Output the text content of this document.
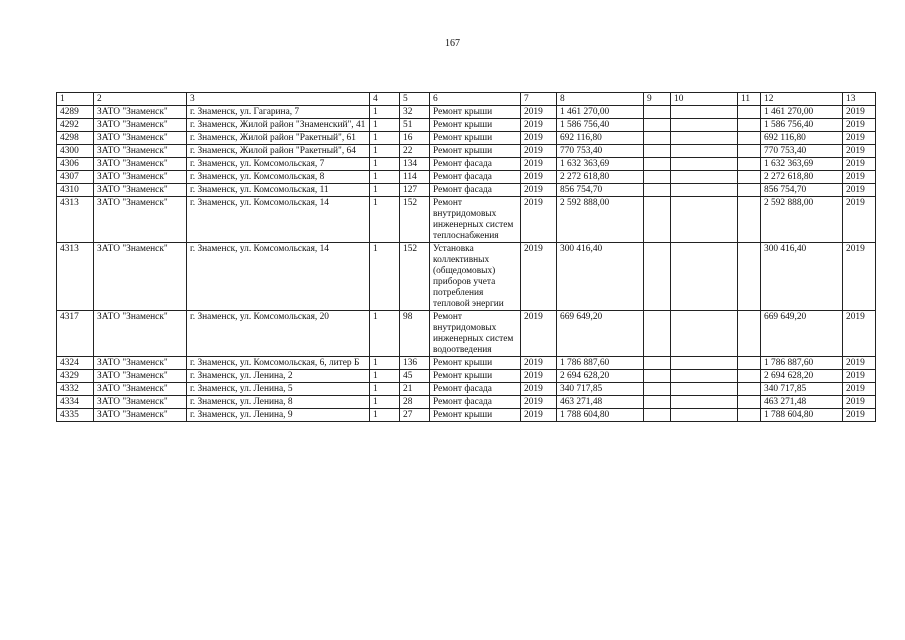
167
1	2	3	4	5	6	7	8	9	10	11	12	13
4289	ЗАТО "Знаменск"	г. Знаменск, ул. Гагарина, 7	1	32	Ремонт крыши	2019	1 461 270,00				1 461 270,00	2019
4292	ЗАТО "Знаменск"	г. Знаменск, Жилой район "Знаменский", 41	1	51	Ремонт крыши	2019	1 586 756,40				1 586 756,40	2019
4298	ЗАТО "Знаменск"	г. Знаменск, Жилой район "Ракетный", 61	1	16	Ремонт крыши	2019	692 116,80				692 116,80	2019
4300	ЗАТО "Знаменск"	г. Знаменск, Жилой район "Ракетный", 64	1	22	Ремонт крыши	2019	770 753,40				770 753,40	2019
4306	ЗАТО "Знаменск"	г. Знаменск, ул. Комсомольская, 7	1	134	Ремонт фасада	2019	1 632 363,69				1 632 363,69	2019
4307	ЗАТО "Знаменск"	г. Знаменск, ул. Комсомольская, 8	1	114	Ремонт фасада	2019	2 272 618,80				2 272 618,80	2019
4310	ЗАТО "Знаменск"	г. Знаменск, ул. Комсомольская, 11	1	127	Ремонт фасада	2019	856 754,70				856 754,70	2019
4313	ЗАТО "Знаменск"	г. Знаменск, ул. Комсомольская, 14	1	152	Ремонт внутридомовых инженерных систем теплоснабжения	2019	2 592 888,00				2 592 888,00	2019
4313	ЗАТО "Знаменск"	г. Знаменск, ул. Комсомольская, 14	1	152	Установка коллективных (общедомовых) приборов учета потребления тепловой энергии	2019	300 416,40				300 416,40	2019
4317	ЗАТО "Знаменск"	г. Знаменск, ул. Комсомольская, 20	1	98	Ремонт внутридомовых инженерных систем водоотведения	2019	669 649,20				669 649,20	2019
4324	ЗАТО "Знаменск"	г. Знаменск, ул. Комсомольская, 6, литер Б	1	136	Ремонт крыши	2019	1 786 887,60				1 786 887,60	2019
4329	ЗАТО "Знаменск"	г. Знаменск, ул. Ленина, 2	1	45	Ремонт крыши	2019	2 694 628,20				2 694 628,20	2019
4332	ЗАТО "Знаменск"	г. Знаменск, ул. Ленина, 5	1	21	Ремонт фасада	2019	340 717,85				340 717,85	2019
4334	ЗАТО "Знаменск"	г. Знаменск, ул. Ленина, 8	1	28	Ремонт фасада	2019	463 271,48				463 271,48	2019
4335	ЗАТО "Знаменск"	г. Знаменск, ул. Ленина, 9	1	27	Ремонт крыши	2019	1 788 604,80				1 788 604,80	2019
